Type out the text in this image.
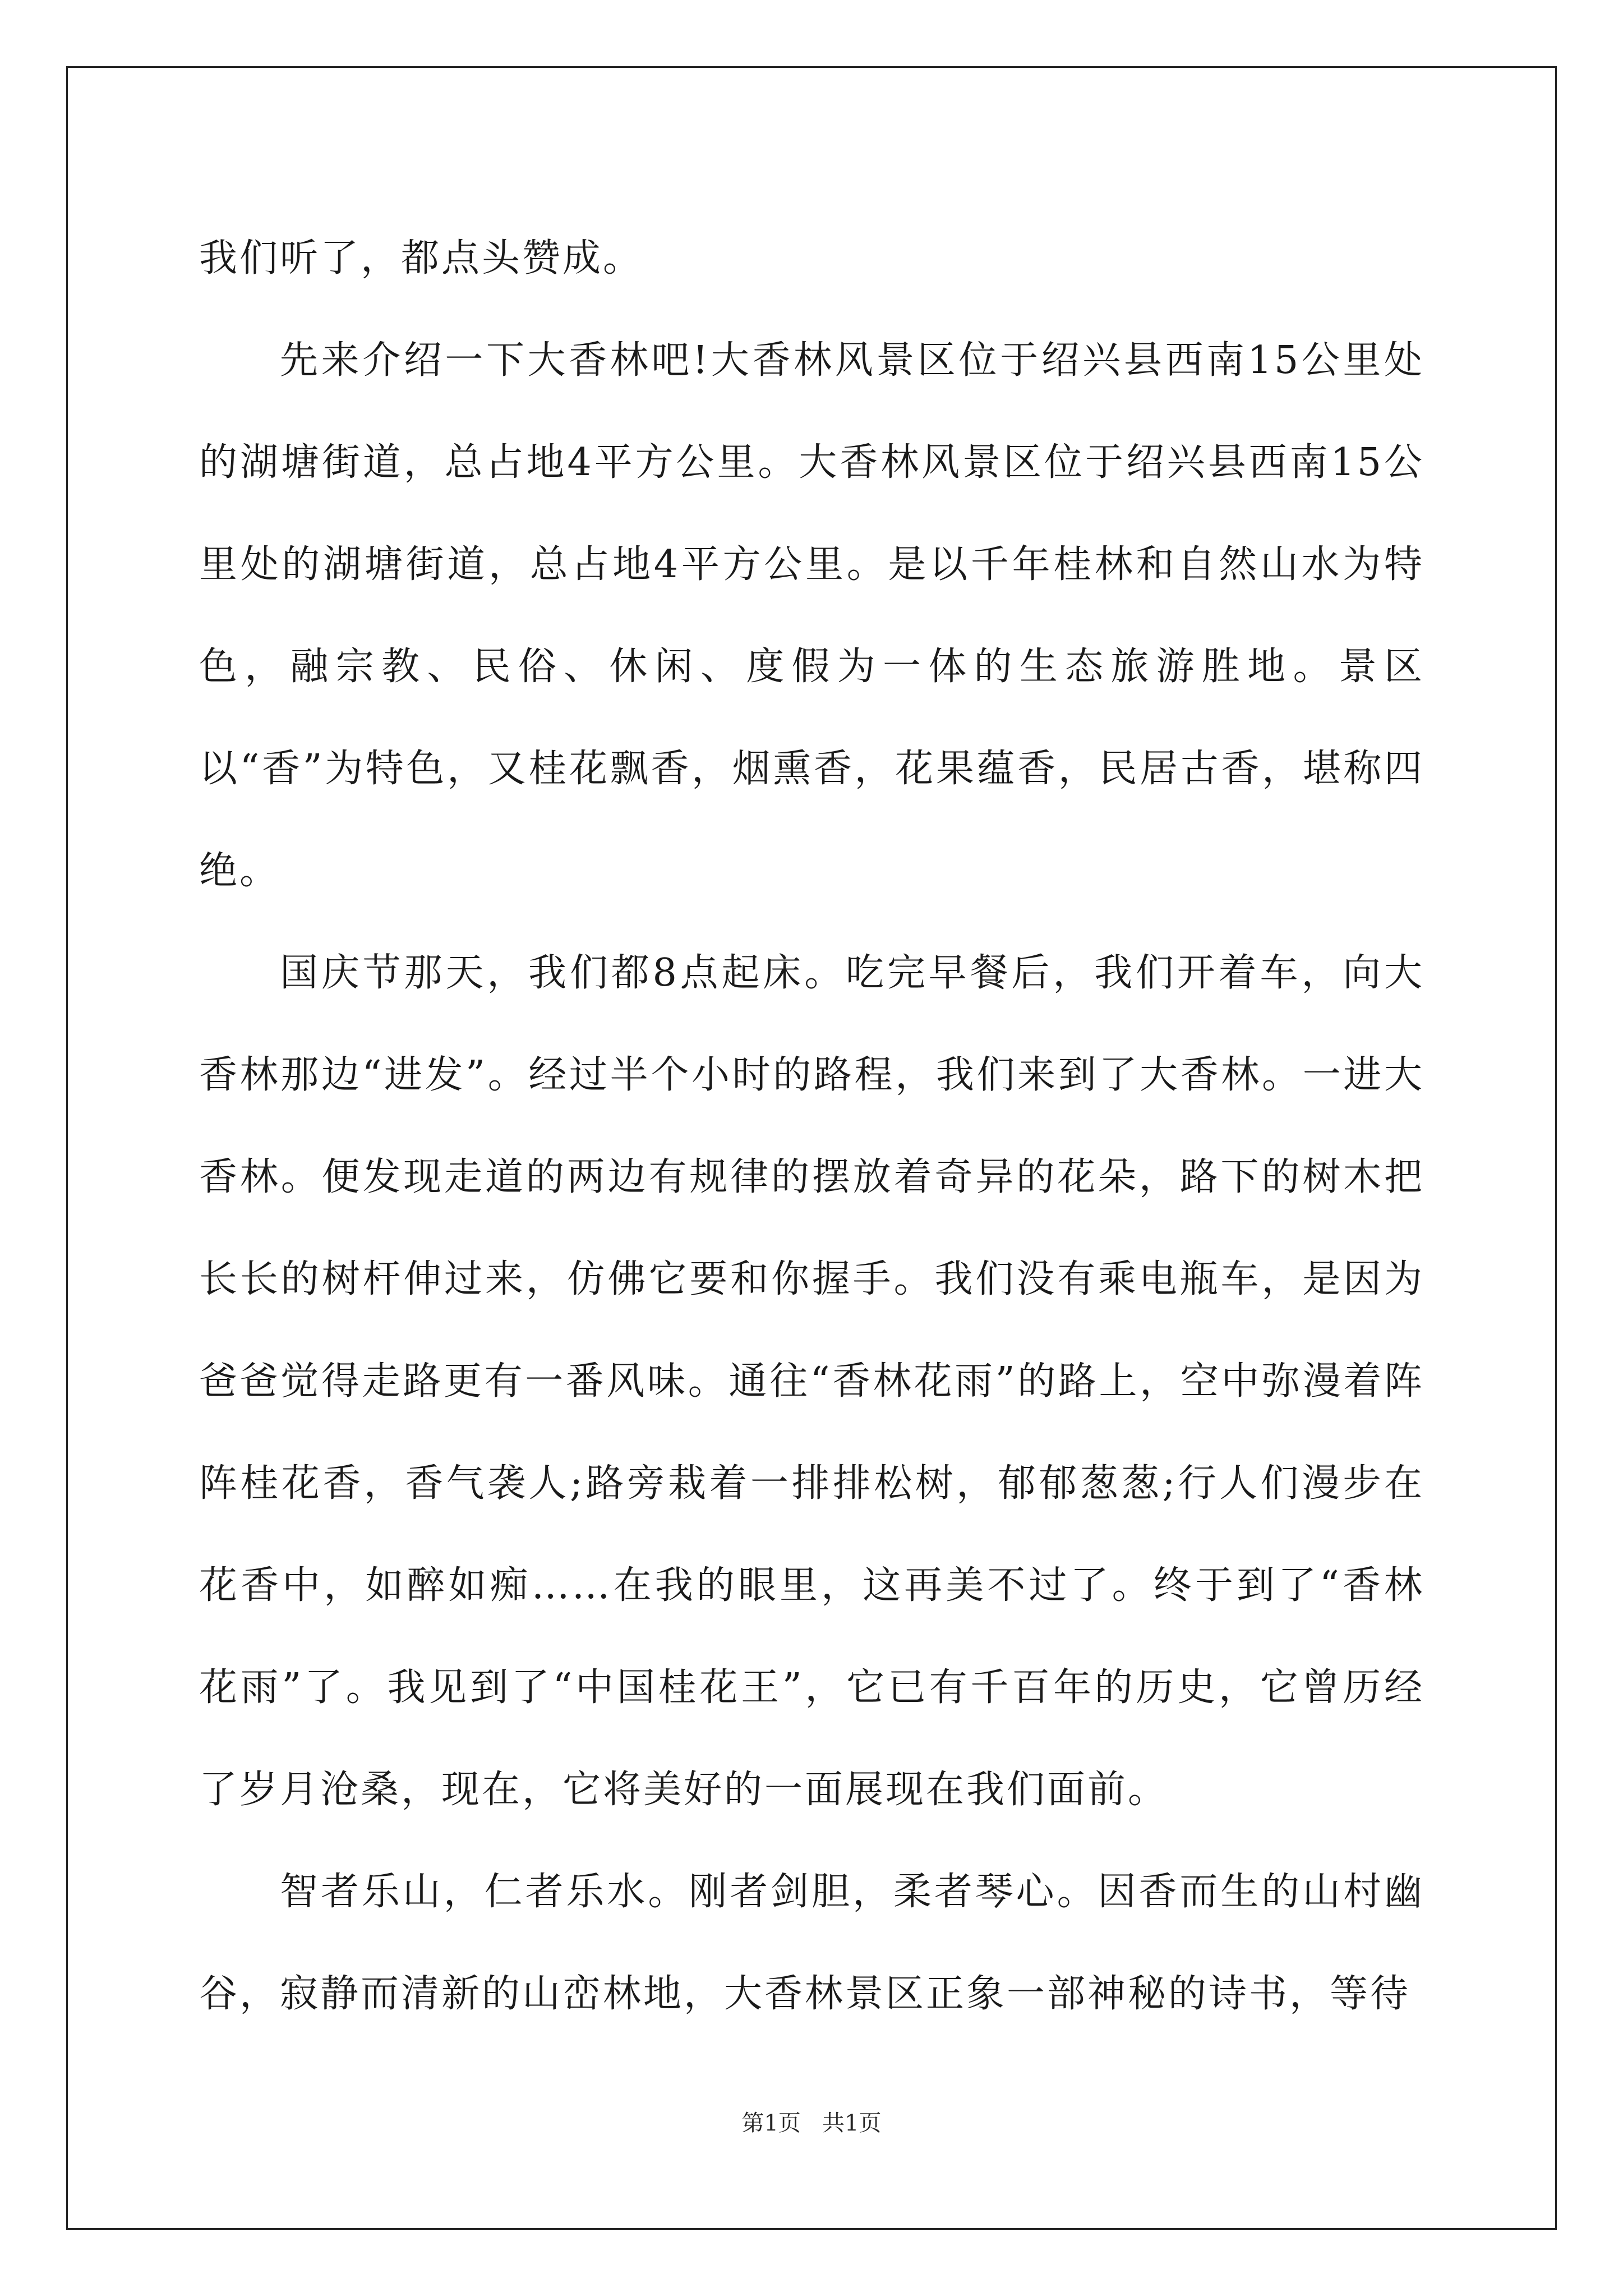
我们听了，都点头赞成。

先来介绍一下大香林吧!大香林风景区位于绍兴县西南15公里处的湖塘街道，总占地4平方公里。大香林风景区位于绍兴县西南15公里处的湖塘街道，总占地4平方公里。是以千年桂林和自然山水为特色，融宗教、民俗、休闲、度假为一体的生态旅游胜地。景区以“香”为特色，又桂花飘香，烟熏香，花果蕴香，民居古香，堪称四绝。

国庆节那天，我们都8点起床。吃完早餐后，我们开着车，向大香林那边“进发”。经过半个小时的路程，我们来到了大香林。一进大香林。便发现走道的两边有规律的摆放着奇异的花朵，路下的树木把长长的树杆伸过来，仿佛它要和你握手。我们没有乘电瓶车，是因为爸爸觉得走路更有一番风味。通往“香林花雨”的路上，空中弥漫着阵阵桂花香，香气袭人;路旁栽着一排排松树，郁郁葱葱;行人们漫步在花香中，如醉如痴……在我的眼里，这再美不过了。终于到了“香林花雨”了。我见到了“中国桂花王”，它已有千百年的历史，它曾历经了岁月沧桑，现在，它将美好的一面展现在我们面前。

智者乐山，仁者乐水。刚者剑胆，柔者琴心。因香而生的山村幽谷，寂静而清新的山峦林地，大香林景区正象一部神秘的诗书，等待

第1页   共1页
